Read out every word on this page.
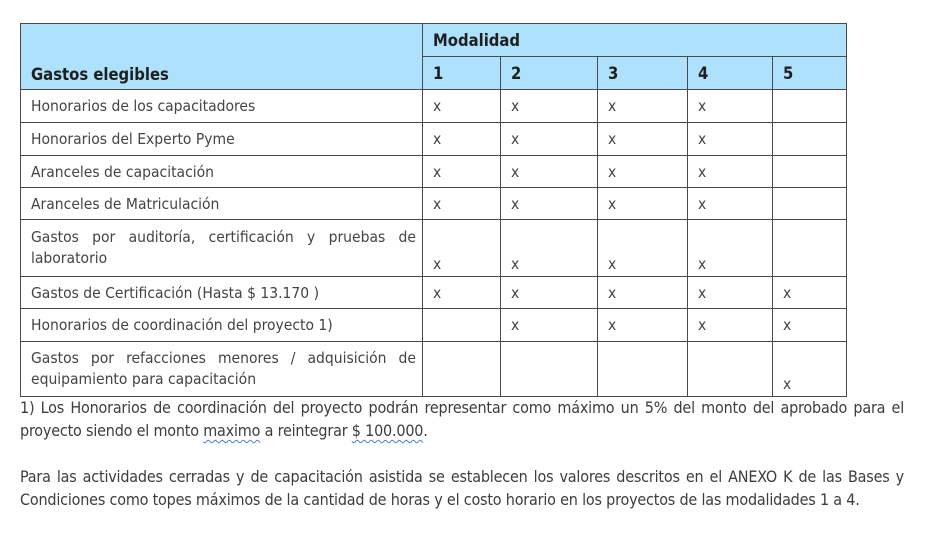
Gastos elegibles	Modalidad				
	1	2	3	4	5
Honorarios de los capacitadores	x	x	x	x	
Honorarios del Experto Pyme	x	x	x	x	
Aranceles de capacitación	x	x	x	x	
Aranceles de Matriculación	x	x	x	x	
Gastos por auditoría, certificación y pruebas de laboratorio	x	x	x	x	
Gastos de Certificación (Hasta $ 13.170 )	x	x	x	x	x
Honorarios de coordinación del proyecto 1)		x	x	x	x
Gastos por refacciones menores / adquisición de equipamiento para capacitación					x
1) Los Honorarios de coordinación del proyecto podrán representar como máximo un 5% del monto del aprobado para el proyecto siendo el monto maximo a reintegrar $ 100.000.
Para las actividades cerradas y de capacitación asistida se establecen los valores descritos en el ANEXO K de las Bases y Condiciones como topes máximos de la cantidad de horas y el costo horario en los proyectos de las modalidades 1 a 4.
